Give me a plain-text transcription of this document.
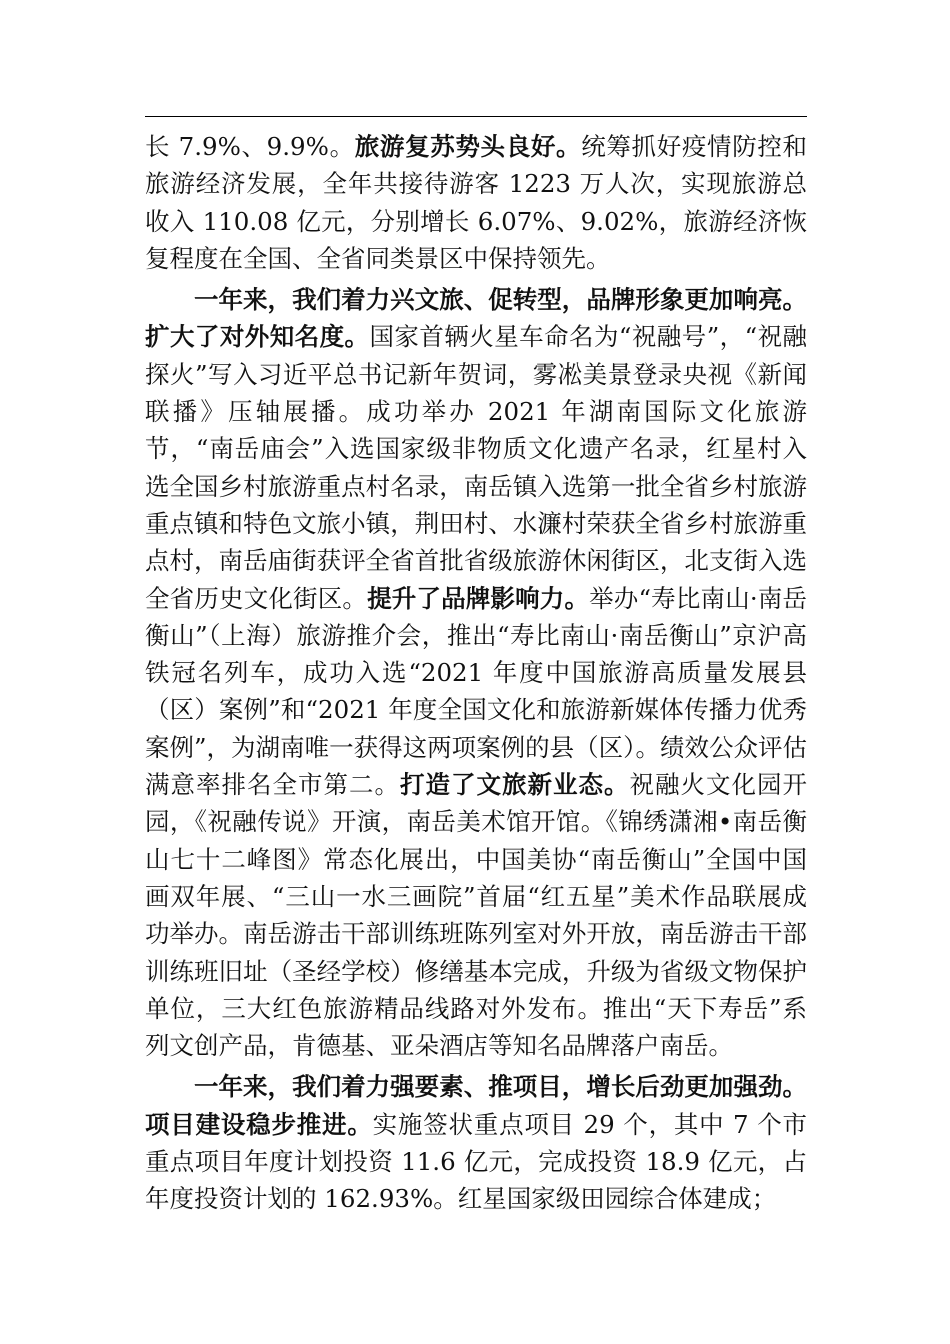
长 7.9%、9.9%。旅游复苏势头良好。统筹抓好疫情防控和旅游经济发展，全年共接待游客 1223 万人次，实现旅游总收入 110.08 亿元，分别增长 6.07%、9.02%，旅游经济恢复程度在全国、全省同类景区中保持领先。

一年来，我们着力兴文旅、促转型，品牌形象更加响亮。扩大了对外知名度。国家首辆火星车命名为“祝融号”，“祝融探火”写入习近平总书记新年贺词，雾凇美景登录央视《新闻联播》压轴展播。成功举办 2021 年湖南国际文化旅游节，“南岳庙会”入选国家级非物质文化遗产名录，红星村入选全国乡村旅游重点村名录，南岳镇入选第一批全省乡村旅游重点镇和特色文旅小镇，荆田村、水濂村荣获全省乡村旅游重点村，南岳庙街获评全省首批省级旅游休闲街区，北支街入选全省历史文化街区。提升了品牌影响力。举办“寿比南山·南岳衡山”（上海）旅游推介会，推出“寿比南山·南岳衡山”京沪高铁冠名列车，成功入选“2021 年度中国旅游高质量发展县（区）案例”和“2021 年度全国文化和旅游新媒体传播力优秀案例”，为湖南唯一获得这两项案例的县（区）。绩效公众评估满意率排名全市第二。打造了文旅新业态。祝融火文化园开园，《祝融传说》开演，南岳美术馆开馆。《锦绣潇湘•南岳衡山七十二峰图》常态化展出，中国美协“南岳衡山”全国中国画双年展、“三山一水三画院”首届“红五星”美术作品联展成功举办。南岳游击干部训练班陈列室对外开放，南岳游击干部训练班旧址（圣经学校）修缮基本完成，升级为省级文物保护单位，三大红色旅游精品线路对外发布。推出“天下寿岳”系列文创产品，肯德基、亚朵酒店等知名品牌落户南岳。

一年来，我们着力强要素、推项目，增长后劲更加强劲。项目建设稳步推进。实施签状重点项目 29 个，其中 7 个市重点项目年度计划投资 11.6 亿元，完成投资 18.9 亿元，占年度投资计划的 162.93%。红星国家级田园综合体建成；
